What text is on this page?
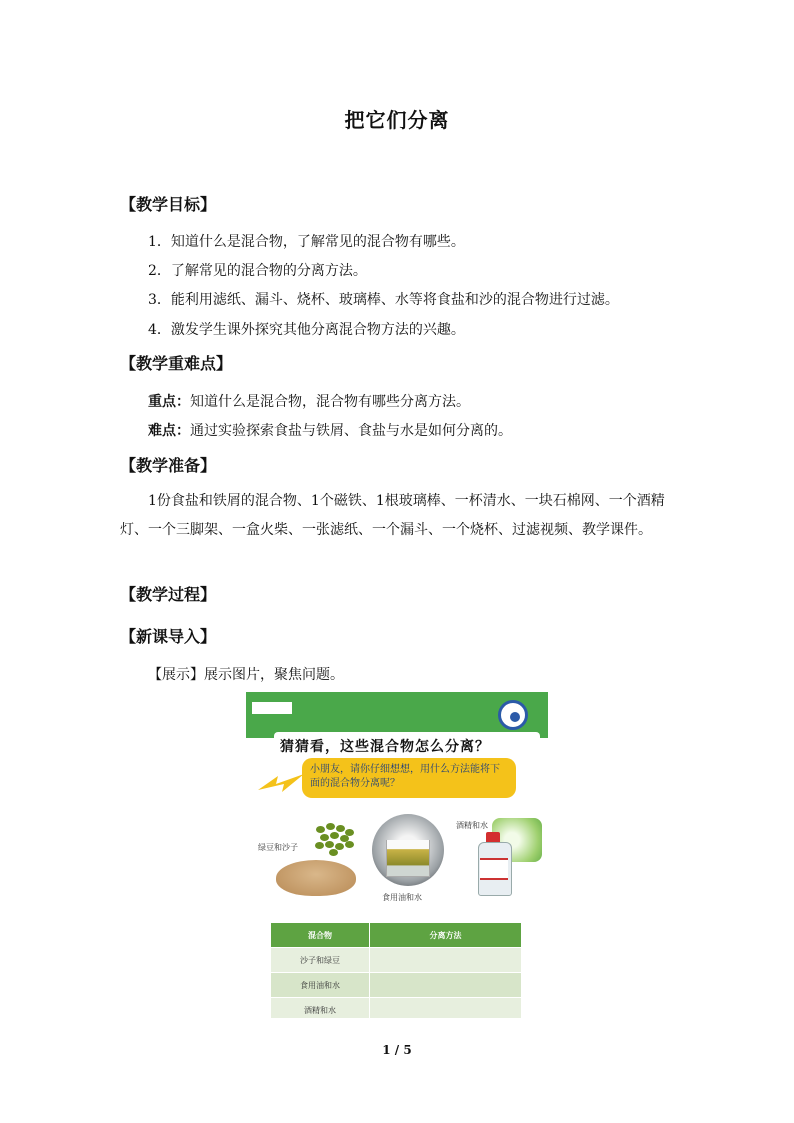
把它们分离
【教学目标】
1．知道什么是混合物，了解常见的混合物有哪些。
2．了解常见的混合物的分离方法。
3．能利用滤纸、漏斗、烧杯、玻璃棒、水等将食盐和沙的混合物进行过滤。
4．激发学生课外探究其他分离混合物方法的兴趣。
【教学重难点】
重点：知道什么是混合物，混合物有哪些分离方法。
难点：通过实验探索食盐与铁屑、食盐与水是如何分离的。
【教学准备】
1份食盐和铁屑的混合物、1个磁铁、1根玻璃棒、一杯清水、一块石棉网、一个酒精灯、一个三脚架、一盒火柴、一张滤纸、一个漏斗、一个烧杯、过滤视频、教学课件。
【教学过程】
【新课导入】
【展示】展示图片，聚焦问题。
猜猜看，这些混合物怎么分离？
小朋友，请你仔细想想，用什么方法能将下面的混合物分离呢？
绿豆和沙子
食用油和水
酒精和水
混合物	分离方法
沙子和绿豆	
食用油和水	
酒精和水	
1 / 5
